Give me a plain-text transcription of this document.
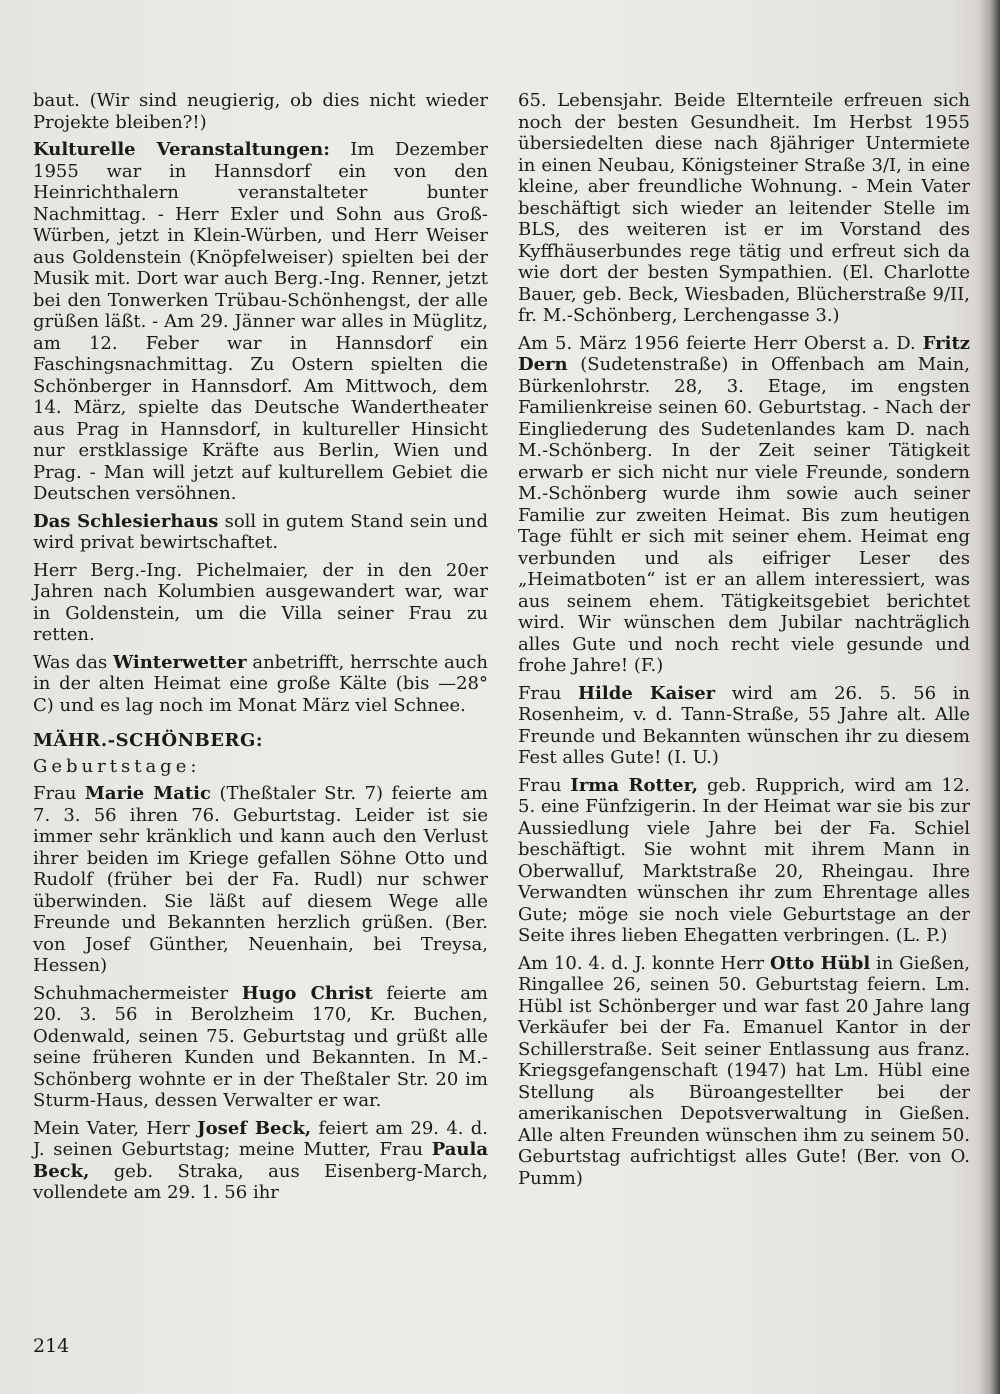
baut. (Wir sind neugierig, ob dies nicht wieder Projekte bleiben?!)

Kulturelle Veranstaltungen: Im Dezember 1955 war in Hannsdorf ein von den Heinrichthalern veranstalteter bunter Nachmittag. - Herr Exler und Sohn aus Groß-Würben, jetzt in Klein-Würben, und Herr Weiser aus Goldenstein (Knöpfelweiser) spielten bei der Musik mit. Dort war auch Berg.-Ing. Renner, jetzt bei den Tonwerken Trübau-Schönhengst, der alle grüßen läßt. - Am 29. Jänner war alles in Müglitz, am 12. Feber war in Hannsdorf ein Faschingsnachmittag. Zu Ostern spielten die Schönberger in Hannsdorf. Am Mittwoch, dem 14. März, spielte das Deutsche Wandertheater aus Prag in Hannsdorf, in kultureller Hinsicht nur erstklassige Kräfte aus Berlin, Wien und Prag. - Man will jetzt auf kulturellem Gebiet die Deutschen versöhnen.

Das Schlesierhaus soll in gutem Stand sein und wird privat bewirtschaftet.

Herr Berg.-Ing. Pichelmaier, der in den 20er Jahren nach Kolumbien ausgewandert war, war in Goldenstein, um die Villa seiner Frau zu retten.

Was das Winterwetter anbetrifft, herrschte auch in der alten Heimat eine große Kälte (bis —28° C) und es lag noch im Monat März viel Schnee.

MÄHR.-SCHÖNBERG:
Geburtstage:

Frau Marie Matic (Theßtaler Str. 7) feierte am 7. 3. 56 ihren 76. Geburtstag. Leider ist sie immer sehr kränklich und kann auch den Verlust ihrer beiden im Kriege gefallen Söhne Otto und Rudolf (früher bei der Fa. Rudl) nur schwer überwinden. Sie läßt auf diesem Wege alle Freunde und Bekannten herzlich grüßen. (Ber. von Josef Günther, Neuenhain, bei Treysa, Hessen)

Schuhmachermeister Hugo Christ feierte am 20. 3. 56 in Berolzheim 170, Kr. Buchen, Odenwald, seinen 75. Geburtstag und grüßt alle seine früheren Kunden und Bekannten. In M.-Schönberg wohnte er in der Theßtaler Str. 20 im Sturm-Haus, dessen Verwalter er war.

Mein Vater, Herr Josef Beck, feiert am 29. 4. d. J. seinen Geburtstag; meine Mutter, Frau Paula Beck, geb. Straka, aus Eisenberg-March, vollendete am 29. 1. 56 ihr

65. Lebensjahr. Beide Elternteile erfreuen sich noch der besten Gesundheit. Im Herbst 1955 übersiedelten diese nach 8jähriger Untermiete in einen Neubau, Königsteiner Straße 3/I, in eine kleine, aber freundliche Wohnung. - Mein Vater beschäftigt sich wieder an leitender Stelle im BLS, des weiteren ist er im Vorstand des Kyffhäuserbundes rege tätig und erfreut sich da wie dort der besten Sympathien. (El. Charlotte Bauer, geb. Beck, Wiesbaden, Blücherstraße 9/II, fr. M.-Schönberg, Lerchengasse 3.)

Am 5. März 1956 feierte Herr Oberst a. D. Fritz Dern (Sudetenstraße) in Offenbach am Main, Bürkenlohrstr. 28, 3. Etage, im engsten Familienkreise seinen 60. Geburtstag. - Nach der Eingliederung des Sudetenlandes kam D. nach M.-Schönberg. In der Zeit seiner Tätigkeit erwarb er sich nicht nur viele Freunde, sondern M.-Schönberg wurde ihm sowie auch seiner Familie zur zweiten Heimat. Bis zum heutigen Tage fühlt er sich mit seiner ehem. Heimat eng verbunden und als eifriger Leser des „Heimatboten“ ist er an allem interessiert, was aus seinem ehem. Tätigkeitsgebiet berichtet wird. Wir wünschen dem Jubilar nachträglich alles Gute und noch recht viele gesunde und frohe Jahre! (F.)

Frau Hilde Kaiser wird am 26. 5. 56 in Rosenheim, v. d. Tann-Straße, 55 Jahre alt. Alle Freunde und Bekannten wünschen ihr zu diesem Fest alles Gute! (I. U.)

Frau Irma Rotter, geb. Rupprich, wird am 12. 5. eine Fünfzigerin. In der Heimat war sie bis zur Aussiedlung viele Jahre bei der Fa. Schiel beschäftigt. Sie wohnt mit ihrem Mann in Oberwalluf, Marktstraße 20, Rheingau. Ihre Verwandten wünschen ihr zum Ehrentage alles Gute; möge sie noch viele Geburtstage an der Seite ihres lieben Ehegatten verbringen. (L. P.)

Am 10. 4. d. J. konnte Herr Otto Hübl in Gießen, Ringallee 26, seinen 50. Geburtstag feiern. Lm. Hübl ist Schönberger und war fast 20 Jahre lang Verkäufer bei der Fa. Emanuel Kantor in der Schillerstraße. Seit seiner Entlassung aus franz. Kriegsgefangenschaft (1947) hat Lm. Hübl eine Stellung als Büroangestellter bei der amerikanischen Depotsverwaltung in Gießen. Alle alten Freunden wünschen ihm zu seinem 50. Geburtstag aufrichtigst alles Gute! (Ber. von O. Pumm)

214
